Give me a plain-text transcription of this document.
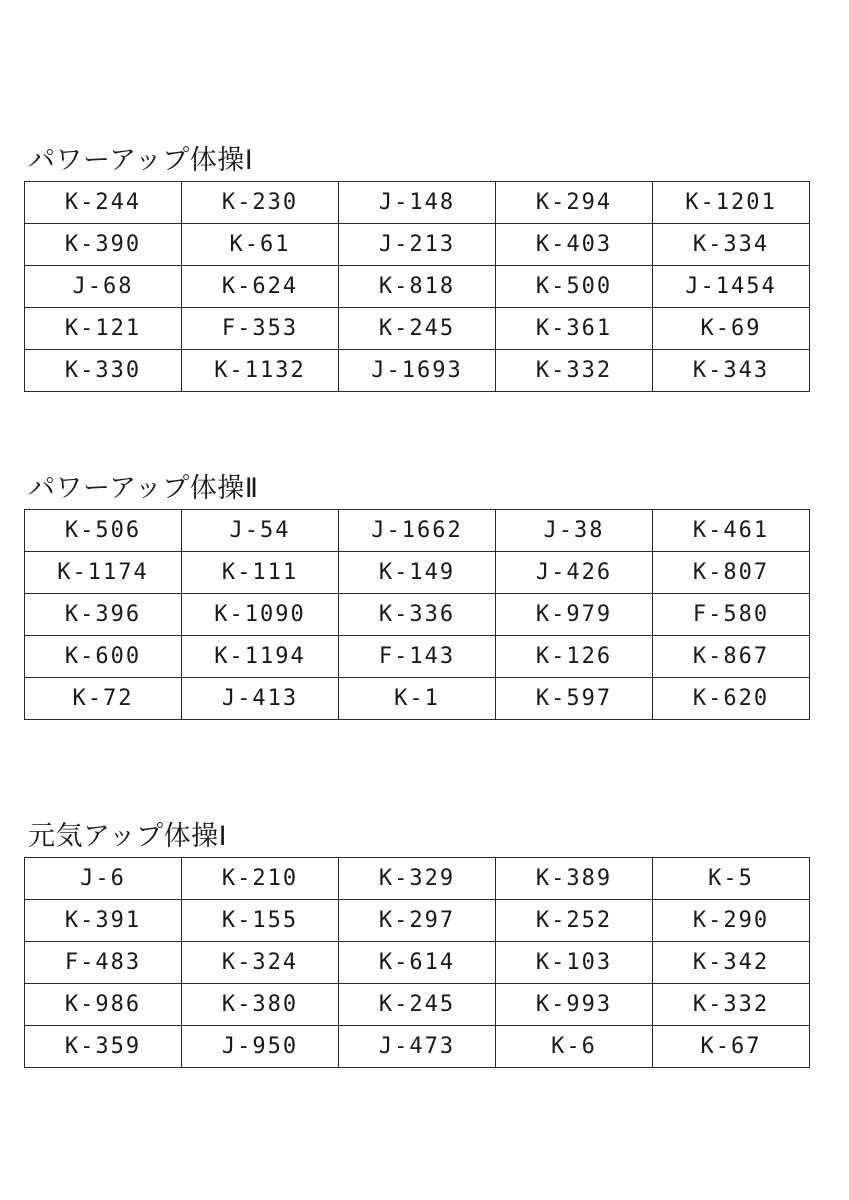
パワーアップ体操Ⅰ
K-244	K-230	J-148	K-294	K-1201
K-390	K-61	J-213	K-403	K-334
J-68	K-624	K-818	K-500	J-1454
K-121	F-353	K-245	K-361	K-69
K-330	K-1132	J-1693	K-332	K-343
パワーアップ体操Ⅱ
K-506	J-54	J-1662	J-38	K-461
K-1174	K-111	K-149	J-426	K-807
K-396	K-1090	K-336	K-979	F-580
K-600	K-1194	F-143	K-126	K-867
K-72	J-413	K-1	K-597	K-620
元気アップ体操Ⅰ
J-6	K-210	K-329	K-389	K-5
K-391	K-155	K-297	K-252	K-290
F-483	K-324	K-614	K-103	K-342
K-986	K-380	K-245	K-993	K-332
K-359	J-950	J-473	K-6	K-67
